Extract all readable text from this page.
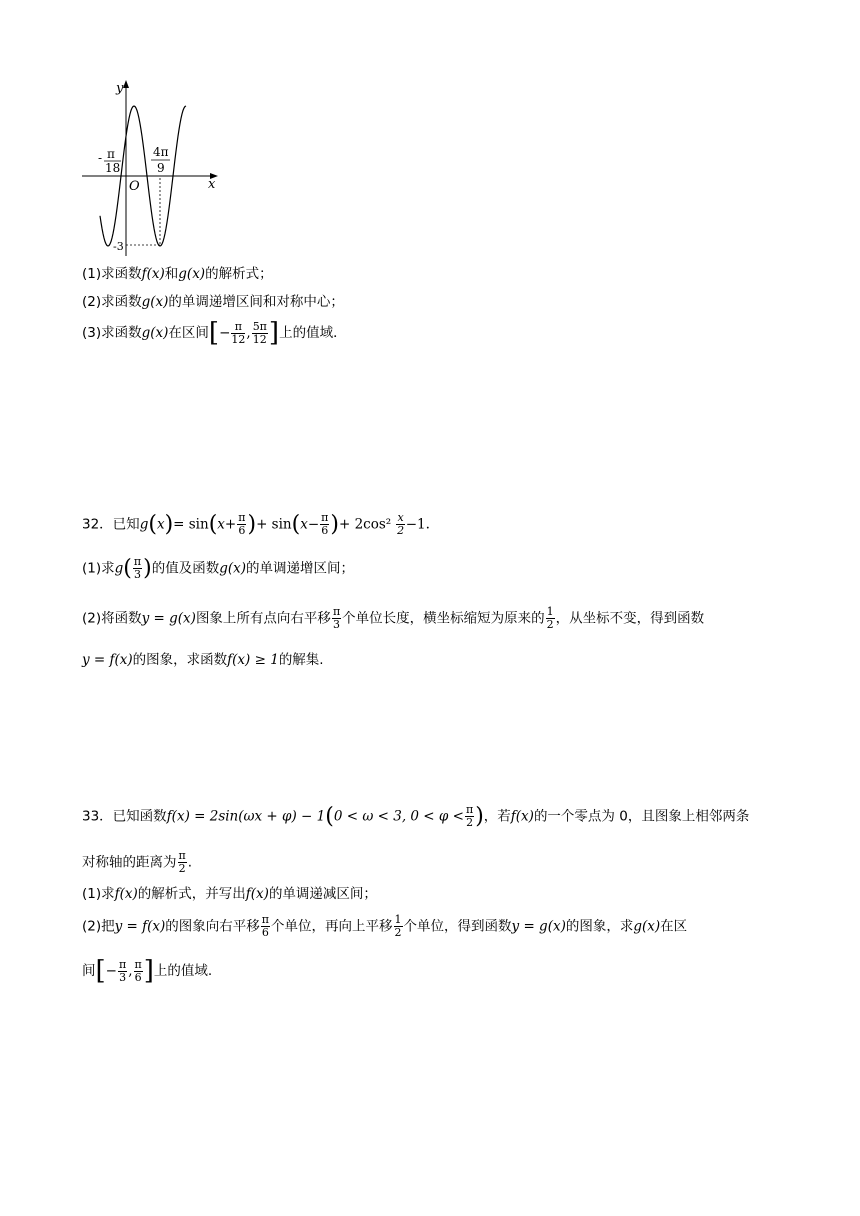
y
x
O
- π
18
4π
9
-3
(1)求函数f(x)和g(x)的解析式；
(2)求函数g(x)的单调递增区间和对称中心；
(3)求函数g(x)在区间[− $\frac{\pi}{12}$ , $\frac{5\pi}{12}$ ]上的值域．
32．已知$g(x)= \sin(x+ \frac{\pi}{6}$ )+ $\sin(x- \frac{\pi}{6}$ )+ $2\cos^2 \frac{x}{2} -1$.
(1)求$g( \frac{\pi}{3}$ )的值及函数g(x)的单调递增区间；
(2)将函数y = g(x)图象上所有点向右平移 $\frac{\pi}{3}$ 个单位长度，横坐标缩短为原来的 $\frac{1}{2}$ ，从坐标不变，得到函数
y = f(x)的图象，求函数f(x) ≥ 1的解集.
33．已知函数f(x) = 2sin(ωx + φ) − 1(0 < ω < 3, $0 < \varphi < \frac{\pi}{2}$ )，若f(x)的一个零点为 0，且图象上相邻两条
对称轴的距离为 $\frac{\pi}{2}$ .
(1)求f(x)的解析式，并写出f(x)的单调递减区间；
(2)把y = f(x)的图象向右平移 $\frac{\pi}{6}$ 个单位，再向上平移 $\frac{1}{2}$ 个单位，得到函数y = g(x)的图象，求g(x)在区
间[− $\frac{\pi}{3}$ , $\frac{\pi}{6}$ ]上的值域.
